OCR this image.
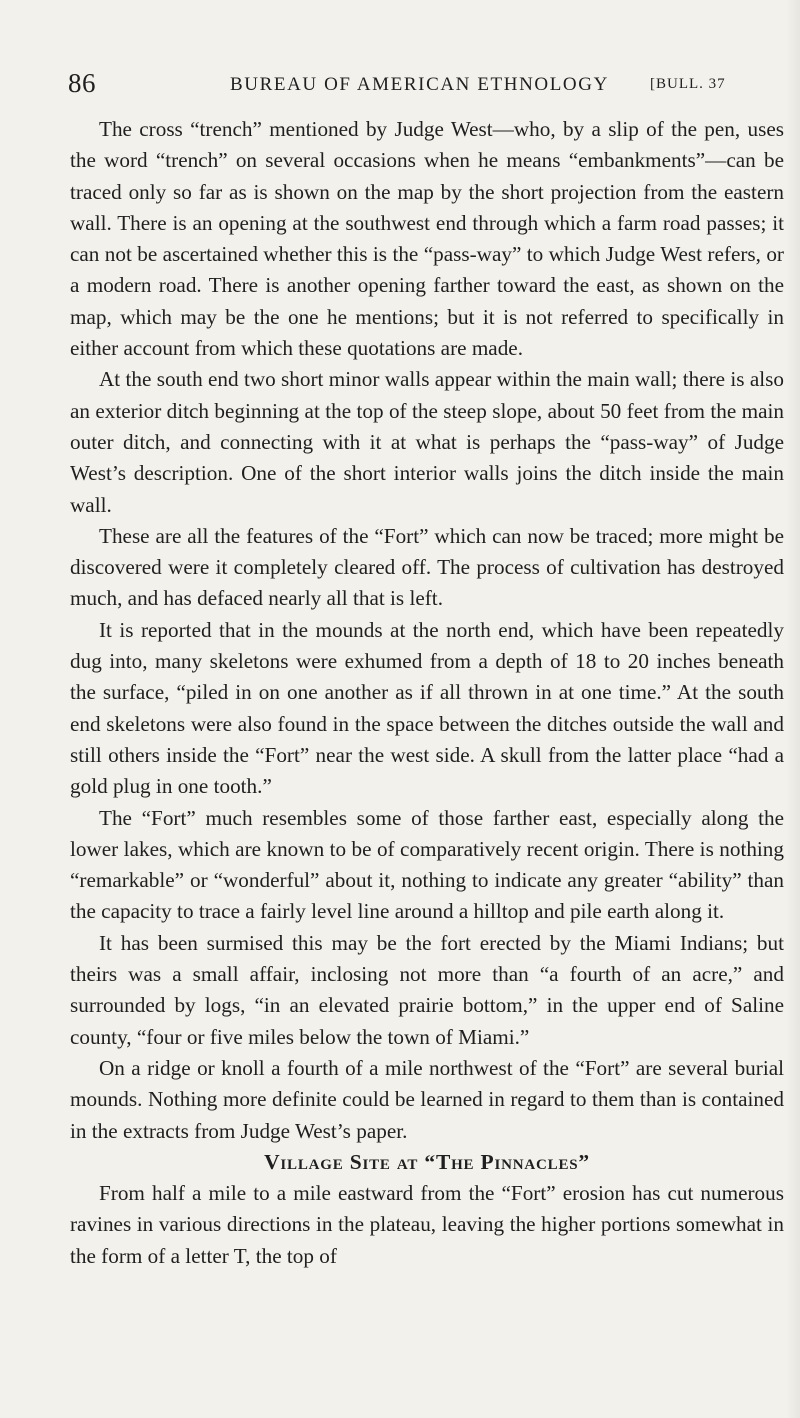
86	BUREAU OF AMERICAN ETHNOLOGY	[BULL. 37

The cross “trench” mentioned by Judge West—who, by a slip of the pen, uses the word “trench” on several occasions when he means “embankments”—can be traced only so far as is shown on the map by the short projection from the eastern wall. There is an opening at the southwest end through which a farm road passes; it can not be ascertained whether this is the “pass-way” to which Judge West refers, or a modern road. There is another opening farther toward the east, as shown on the map, which may be the one he mentions; but it is not referred to specifically in either account from which these quotations are made.

At the south end two short minor walls appear within the main wall; there is also an exterior ditch beginning at the top of the steep slope, about 50 feet from the main outer ditch, and connecting with it at what is perhaps the “pass-way” of Judge West’s description. One of the short interior walls joins the ditch inside the main wall.

These are all the features of the “Fort” which can now be traced; more might be discovered were it completely cleared off. The process of cultivation has destroyed much, and has defaced nearly all that is left.

It is reported that in the mounds at the north end, which have been repeatedly dug into, many skeletons were exhumed from a depth of 18 to 20 inches beneath the surface, “piled in on one another as if all thrown in at one time.” At the south end skeletons were also found in the space between the ditches outside the wall and still others inside the “Fort” near the west side. A skull from the latter place “had a gold plug in one tooth.”

The “Fort” much resembles some of those farther east, especially along the lower lakes, which are known to be of comparatively recent origin. There is nothing “remarkable” or “wonderful” about it, nothing to indicate any greater “ability” than the capacity to trace a fairly level line around a hilltop and pile earth along it.

It has been surmised this may be the fort erected by the Miami Indians; but theirs was a small affair, inclosing not more than “a fourth of an acre,” and surrounded by logs, “in an elevated prairie bottom,” in the upper end of Saline county, “four or five miles below the town of Miami.”

On a ridge or knoll a fourth of a mile northwest of the “Fort” are several burial mounds. Nothing more definite could be learned in regard to them than is contained in the extracts from Judge West’s paper.

Village Site at “The Pinnacles”

From half a mile to a mile eastward from the “Fort” erosion has cut numerous ravines in various directions in the plateau, leaving the higher portions somewhat in the form of a letter T, the top of
